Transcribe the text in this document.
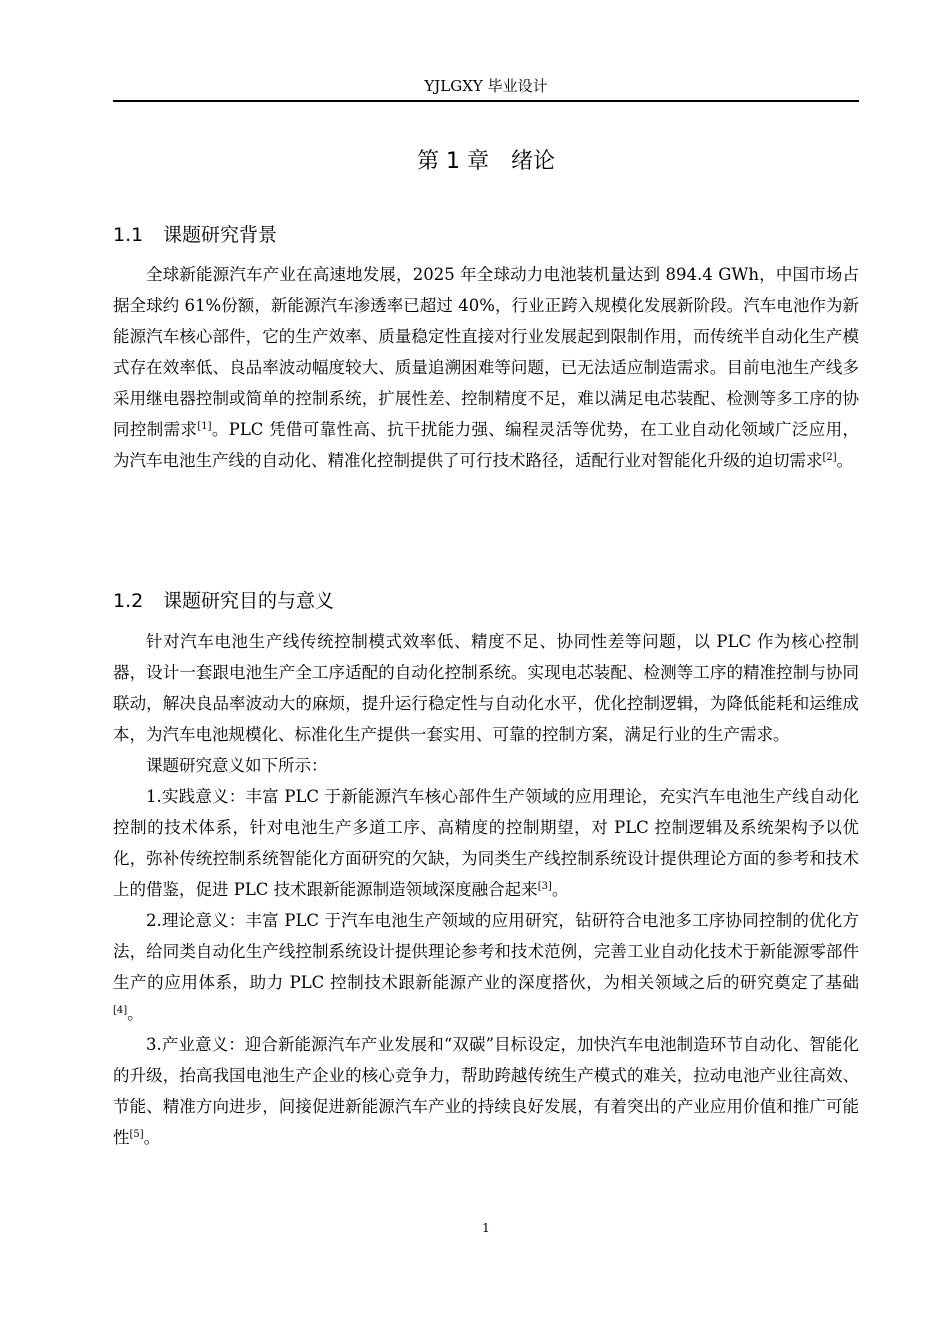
YJLGXY 毕业设计
第 1 章 绪论
1.1 课题研究背景

全球新能源汽车产业在高速地发展，2025 年全球动力电池装机量达到 894.4 GWh，中国市场占据全球约 61%份额，新能源汽车渗透率已超过 40%，行业正跨入规模化发展新阶段。汽车电池作为新能源汽车核心部件，它的生产效率、质量稳定性直接对行业发展起到限制作用，而传统半自动化生产模式存在效率低、良品率波动幅度较大、质量追溯困难等问题，已无法适应制造需求。目前电池生产线多采用继电器控制或简单的控制系统，扩展性差、控制精度不足，难以满足电芯装配、检测等多工序的协同控制需求[1]。PLC 凭借可靠性高、抗干扰能力强、编程灵活等优势，在工业自动化领域广泛应用，为汽车电池生产线的自动化、精准化控制提供了可行技术路径，适配行业对智能化升级的迫切需求[2]。

1.2 课题研究目的与意义

针对汽车电池生产线传统控制模式效率低、精度不足、协同性差等问题，以 PLC 作为核心控制器，设计一套跟电池生产全工序适配的自动化控制系统。实现电芯装配、检测等工序的精准控制与协同联动，解决良品率波动大的麻烦，提升运行稳定性与自动化水平，优化控制逻辑，为降低能耗和运维成本，为汽车电池规模化、标准化生产提供一套实用、可靠的控制方案，满足行业的生产需求。

课题研究意义如下所示：

1.实践意义：丰富 PLC 于新能源汽车核心部件生产领域的应用理论，充实汽车电池生产线自动化控制的技术体系，针对电池生产多道工序、高精度的控制期望，对 PLC 控制逻辑及系统架构予以优化，弥补传统控制系统智能化方面研究的欠缺，为同类生产线控制系统设计提供理论方面的参考和技术上的借鉴，促进 PLC 技术跟新能源制造领域深度融合起来[3]。

2.理论意义：丰富 PLC 于汽车电池生产领域的应用研究，钻研符合电池多工序协同控制的优化方法，给同类自动化生产线控制系统设计提供理论参考和技术范例，完善工业自动化技术于新能源零部件生产的应用体系，助力 PLC 控制技术跟新能源产业的深度搭伙，为相关领域之后的研究奠定了基础[4]。

3.产业意义：迎合新能源汽车产业发展和“双碳”目标设定，加快汽车电池制造环节自动化、智能化的升级，抬高我国电池生产企业的核心竞争力，帮助跨越传统生产模式的难关，拉动电池产业往高效、节能、精准方向进步，间接促进新能源汽车产业的持续良好发展，有着突出的产业应用价值和推广可能性[5]。

1
